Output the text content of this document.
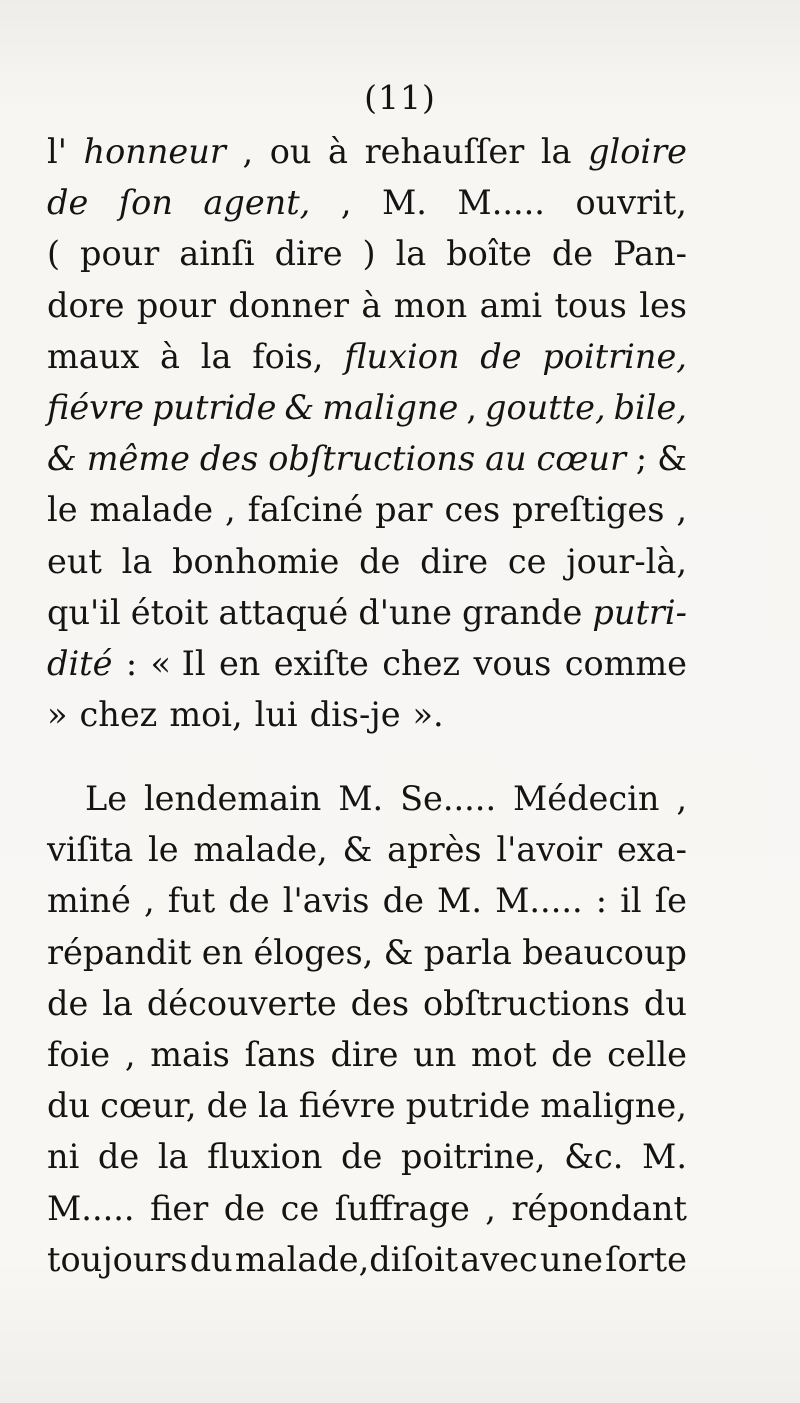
(11)
l' honneur , ou à rehauſſer la gloire
de ſon agent, , M. M..... ouvrit,
( pour ainſi dire ) la boîte de Pan-
dore pour donner à mon ami tous les
maux à la fois, fluxion de poitrine,
fiévre putride & maligne , goutte, bile,
& même des obſtructions au cœur ; &
le malade , faſciné par ces preſtiges ,
eut la bonhomie de dire ce jour-là,
qu'il étoit attaqué d'une grande putri-
dité : « Il en exiſte chez vous comme
» chez moi, lui dis-je ».
Le lendemain M. Se..... Médecin ,
viſita le malade, & après l'avoir exa-
miné , fut de l'avis de M. M..... : il ſe
répandit en éloges, & parla beaucoup
de la découverte des obſtructions du
foie , mais ſans dire un mot de celle
du cœur, de la fiévre putride maligne,
ni de la fluxion de poitrine, &c. M.
M..... fier de ce ſuffrage , répondant
toujours du malade,diſoit avec une ſorte
